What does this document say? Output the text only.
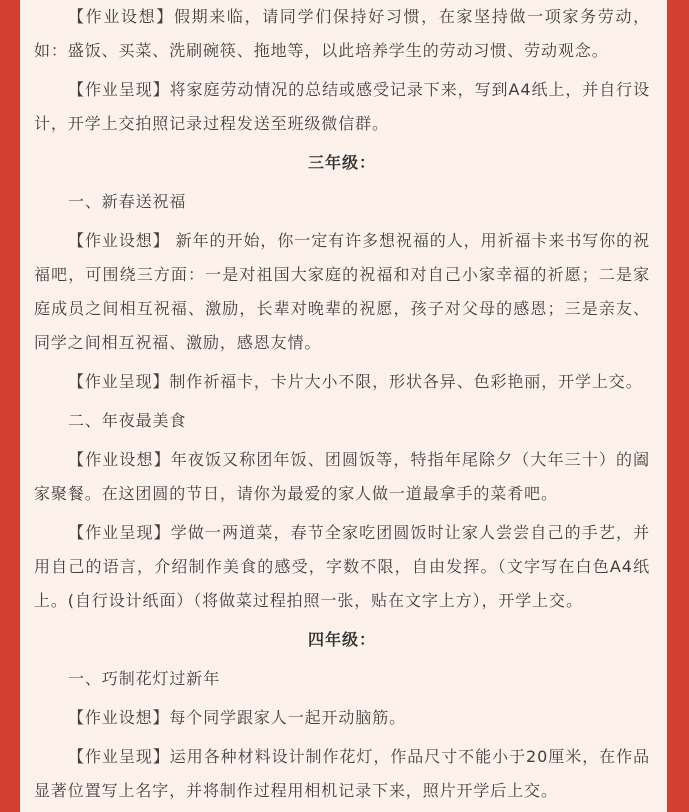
【作业设想】假期来临，请同学们保持好习惯，在家坚持做一项家务劳动，如：盛饭、买菜、洗刷碗筷、拖地等，以此培养学生的劳动习惯、劳动观念。

【作业呈现】将家庭劳动情况的总结或感受记录下来，写到A4纸上，并自行设计，开学上交拍照记录过程发送至班级微信群。

三年级：

一、新春送祝福

【作业设想】 新年的开始，你一定有许多想祝福的人，用祈福卡来书写你的祝福吧，可围绕三方面：一是对祖国大家庭的祝福和对自己小家幸福的祈愿；二是家庭成员之间相互祝福、激励，长辈对晚辈的祝愿，孩子对父母的感恩；三是亲友、同学之间相互祝福、激励，感恩友情。

【作业呈现】制作祈福卡，卡片大小不限，形状各异、色彩艳丽，开学上交。

二、年夜最美食

【作业设想】年夜饭又称团年饭、团圆饭等，特指年尾除夕（大年三十）的阖家聚餐。在这团圆的节日，请你为最爱的家人做一道最拿手的菜肴吧。

【作业呈现】学做一两道菜，春节全家吃团圆饭时让家人尝尝自己的手艺，并用自己的语言，介绍制作美食的感受，字数不限，自由发挥。（文字写在白色A4纸上。(自行设计纸面）（将做菜过程拍照一张，贴在文字上方），开学上交。

四年级：

一、巧制花灯过新年

【作业设想】每个同学跟家人一起开动脑筋。

【作业呈现】运用各种材料设计制作花灯，作品尺寸不能小于20厘米，在作品显著位置写上名字，并将制作过程用相机记录下来，照片开学后上交。
